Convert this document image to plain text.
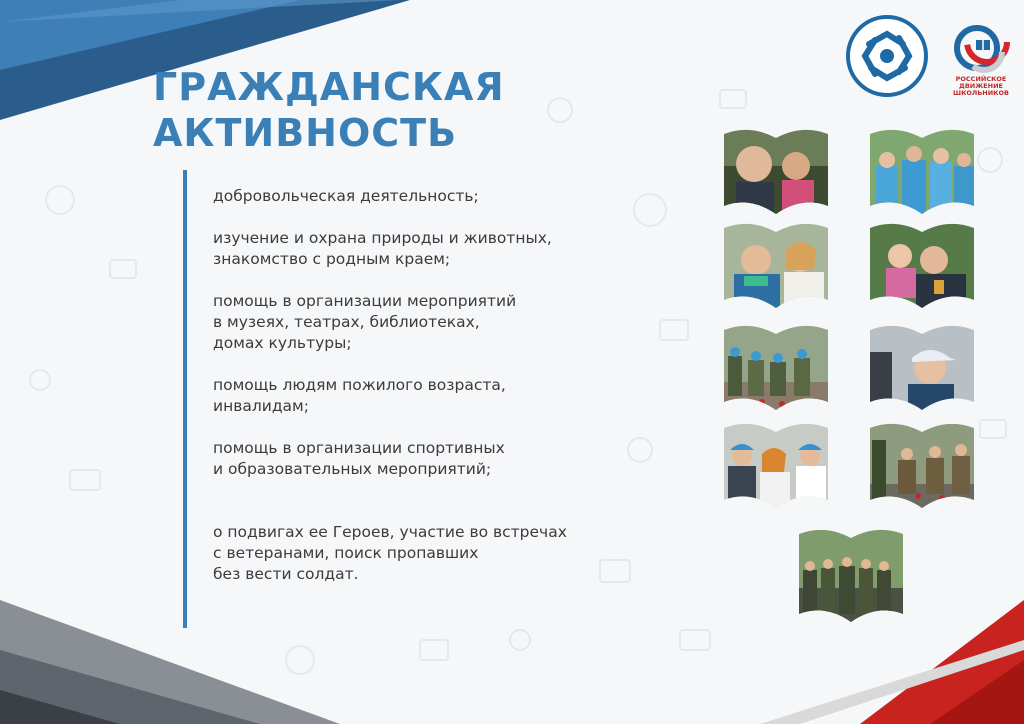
РОССИЙСКОЕ
ДВИЖЕНИЕ ШКОЛЬНИКОВ
ГРАЖДАНСКАЯ
АКТИВНОСТЬ
добровольческая деятельность;
изучение и охрана природы и животных,
знакомство с родным краем;
помощь в организации мероприятий
в музеях, театрах, библиотеках,
домах культуры;
помощь людям пожилого возраста,
инвалидам;
помощь в организации спортивных
и образовательных мероприятий;
о подвигах ее Героев, участие во встречах
с ветеранами, поиск пропавших
без вести солдат.
